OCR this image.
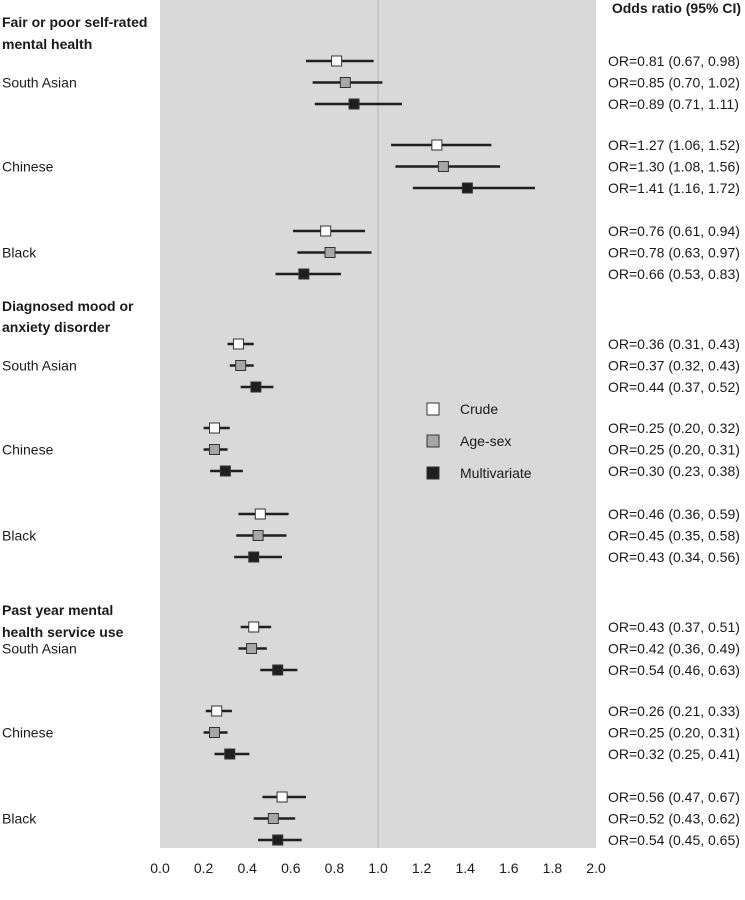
0.0 0.2 0.4 0.6 0.8 1.0 1.2 1.4 1.6 1.8 2.0
Fair or poor self-rated
mental health
Diagnosed mood or
anxiety disorder
Past year mental
health service use
South Asian
Chinese
Black
South Asian
Chinese
Black
South Asian
Chinese
Black
OR=0.81 (0.67, 0.98)
OR=0.85 (0.70, 1.02)
OR=0.89 (0.71, 1.11)
OR=1.27 (1.06, 1.52)
OR=1.30 (1.08, 1.56)
OR=1.41 (1.16, 1.72)
OR=0.76 (0.61, 0.94)
OR=0.78 (0.63, 0.97)
OR=0.66 (0.53, 0.83)
OR=0.36 (0.31, 0.43)
OR=0.37 (0.32, 0.43)
OR=0.44 (0.37, 0.52)
OR=0.25 (0.20, 0.32)
OR=0.25 (0.20, 0.31)
OR=0.30 (0.23, 0.38)
OR=0.46 (0.36, 0.59)
OR=0.45 (0.35, 0.58)
OR=0.43 (0.34, 0.56)
OR=0.43 (0.37, 0.51)
OR=0.42 (0.36, 0.49)
OR=0.54 (0.46, 0.63)
OR=0.26 (0.21, 0.33)
OR=0.25 (0.20, 0.31)
OR=0.32 (0.25, 0.41)
OR=0.56 (0.47, 0.67)
OR=0.52 (0.43, 0.62)
OR=0.54 (0.45, 0.65)
Crude
Age-sex
Multivariate
Odds ratio (95% CI)
